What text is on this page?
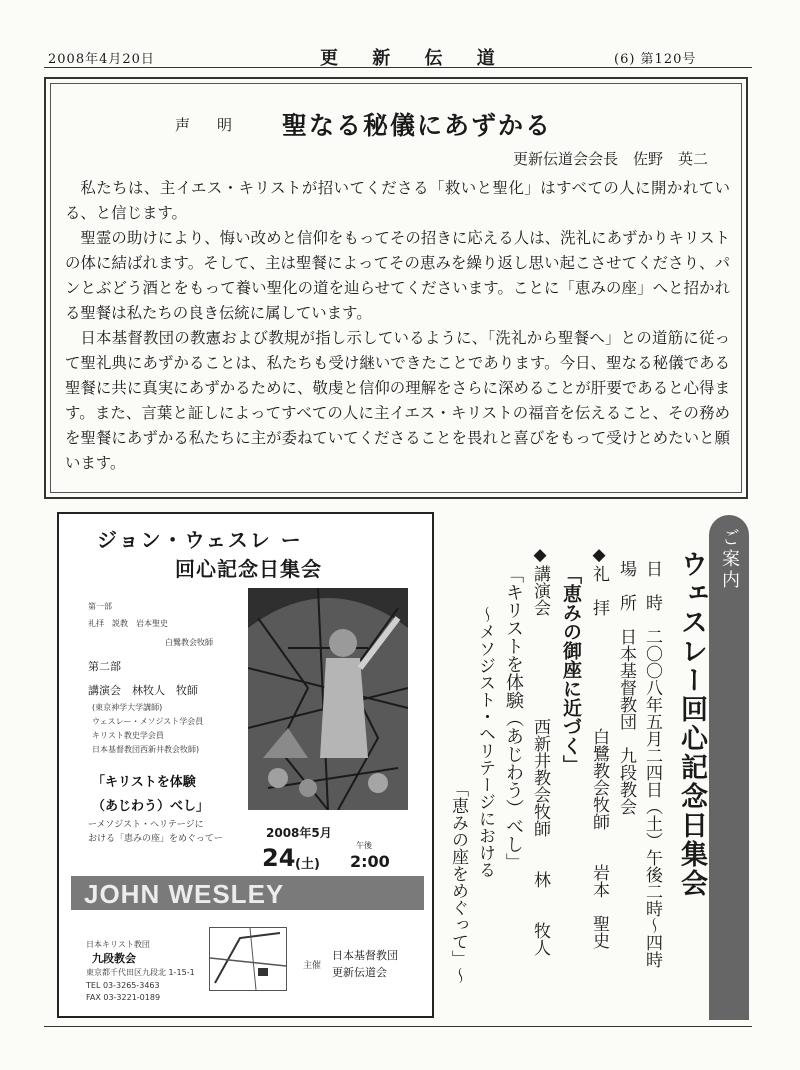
2008年4月20日	更 新 伝 道	(6) 第120号
声　明 聖なる秘儀にあずかる
更新伝道会会長　佐野　英二

私たちは、主イエス・キリストが招いてくださる「救いと聖化」はすべての人に開かれている、と信じます。

聖霊の助けにより、悔い改めと信仰をもってその招きに応える人は、洗礼にあずかりキリストの体に結ばれます。そして、主は聖餐によってその恵みを繰り返し思い起こさせてくださり、パンとぶどう酒とをもって養い聖化の道を辿らせてくださいます。ことに「恵みの座」へと招かれる聖餐は私たちの良き伝統に属しています。

日本基督教団の教憲および教規が指し示しているように、「洗礼から聖餐へ」との道筋に従って聖礼典にあずかることは、私たちも受け継いできたことであります。今日、聖なる秘儀である聖餐に共に真実にあずかるために、敬虔と信仰の理解をさらに深めることが肝要であると心得ます。また、言葉と証しによってすべての人に主イエス・キリストの福音を伝えること、その務めを聖餐にあずかる私たちに主が委ねていてくださることを畏れと喜びをもって受けとめたいと願います。

ジョン・ウェスレ ー
回心記念日集会
第一部
礼拝　説教　岩本聖史
白鷺教会牧師
第二部
講演会　林牧人　牧師
(東京神学大学講師)
ウェスレー・メソジスト学会員
キリスト教史学会員
日本基督教団西新井教会牧師)
「キリストを体験
（あじわう）べし」
ーメソジスト・ヘリテージに
おける「恵みの座」をめぐってー	2008年5月
24 (土)
午後
2:00
JOHN WESLEY
日本キリスト教団
九段教会
東京都千代田区九段北 1-15-1
TEL 03-3265-3463
FAX 03-3221-0189
主催
日本基督教団
更新伝道会
ご案内
ウェスレー回心記念日集会
日　時
二〇〇八年五月二四日（土）午後二時～四時
場　所
日本基督教団　九段教会
◆礼　拝
白鷺教会牧師　　岩本　聖史
「恵みの御座に近づく」
◆講演会
西新井教会牧師　　林　　牧人
「キリストを体験（あじわう）べし」
～メソジスト・ヘリテージにおける
「恵みの座をめぐって」～
